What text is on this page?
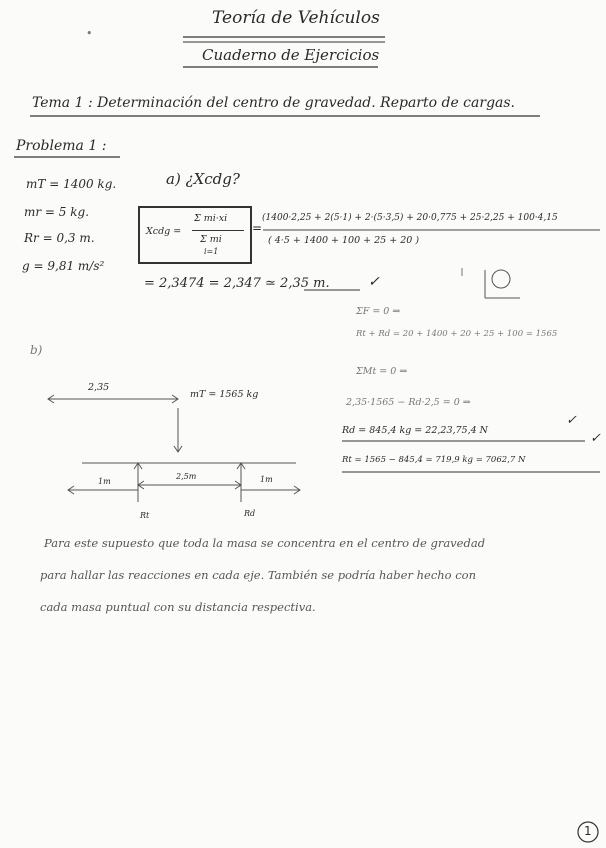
Teoría de Vehículos
Cuaderno de Ejercicios
•
Tema 1 : Determinación del centro de gravedad. Reparto de cargas.
Problema 1 :
mT = 1400 kg.
mr = 5 kg.
Rr = 0,3 m.
g = 9,81 m/s²
a) ¿Xcdg?
Xcdg =
Σ mi·xi
Σ mi
i=1
=
(1400·2,25 + 2(5·1) + 2·(5·3,5) + 20·0,775 + 25·2,25 + 100·4,15
( 4·5 + 1400 + 100 + 25 + 20 )
= 2,3474 = 2,347 ≃ 2,35 m.	✓
ΣF = 0 ⇒
Rt + Rd = 20 + 1400 + 20 + 25 + 100 = 1565
ΣMt = 0 ⇒
2,35·1565 − Rd·2,5 = 0 ⇒
Rd = 845,4 kg = 22,23,75,4 N
✓
Rt = 1565 − 845,4 = 719,9 kg = 7062,7 N
✓
b)
2,35
mT = 1565 kg
1m
2,5m	1m
Rt	Rd
Para este supuesto que toda la masa se concentra en el centro de gravedad
para hallar las reacciones en cada eje. También se podría haber hecho con
cada masa puntual con su distancia respectiva.
1
